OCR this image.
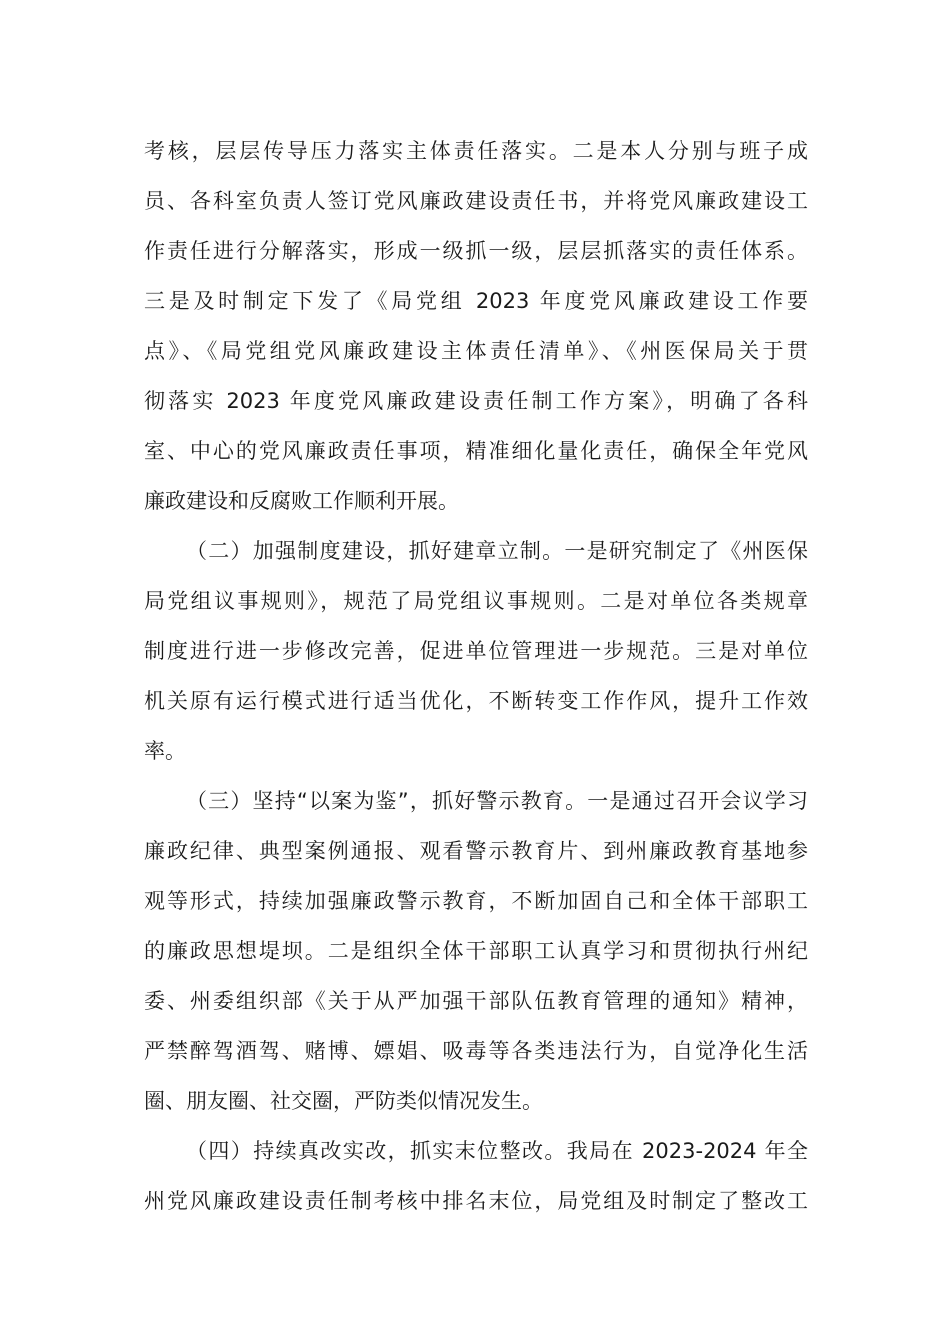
考核，层层传导压力落实主体责任落实。二是本人分别与班子成
员、各科室负责人签订党风廉政建设责任书，并将党风廉政建设工
作责任进行分解落实，形成一级抓一级，层层抓落实的责任体系。
三是及时制定下发了《局党组 2023 年度党风廉政建设工作要
点》、《局党组党风廉政建设主体责任清单》、《州医保局关于贯
彻落实 2023 年度党风廉政建设责任制工作方案》，明确了各科
室、中心的党风廉政责任事项，精准细化量化责任，确保全年党风
廉政建设和反腐败工作顺利开展。
（二）加强制度建设，抓好建章立制。一是研究制定了《州医保
局党组议事规则》，规范了局党组议事规则。二是对单位各类规章
制度进行进一步修改完善，促进单位管理进一步规范。三是对单位
机关原有运行模式进行适当优化，不断转变工作作风，提升工作效
率。
（三）坚持“以案为鉴”，抓好警示教育。一是通过召开会议学习
廉政纪律、典型案例通报、观看警示教育片、到州廉政教育基地参
观等形式，持续加强廉政警示教育，不断加固自己和全体干部职工
的廉政思想堤坝。二是组织全体干部职工认真学习和贯彻执行州纪
委、州委组织部《关于从严加强干部队伍教育管理的通知》精神，
严禁醉驾酒驾、赌博、嫖娼、吸毒等各类违法行为，自觉净化生活
圈、朋友圈、社交圈，严防类似情况发生。
（四）持续真改实改，抓实末位整改。我局在 2023-2024 年全
州党风廉政建设责任制考核中排名末位，局党组及时制定了整改工
